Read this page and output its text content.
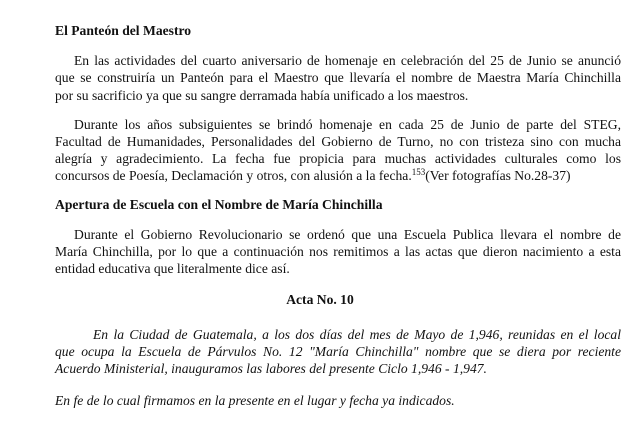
El Panteón del Maestro
En las actividades del cuarto aniversario de homenaje en celebración del 25 de Junio se anunció
que se construiría un Panteón para el Maestro que llevaría el nombre de Maestra María Chinchilla
por su sacrificio ya que su sangre derramada había unificado a los maestros.
Durante los años subsiguientes se brindó homenaje en cada 25 de Junio de parte del STEG,
Facultad de Humanidades, Personalidades del Gobierno de Turno, no con tristeza sino con mucha
alegría y agradecimiento. La fecha fue propicia para muchas actividades culturales como los
concursos de Poesía, Declamación y otros, con alusión a la fecha.$^{153}$(Ver fotografías No.28-37)
Apertura de Escuela con el Nombre de María Chinchilla
Durante el Gobierno Revolucionario se ordenó que una Escuela Publica llevara el nombre de
María Chinchilla, por lo que a continuación nos remitimos a las actas que dieron nacimiento a esta
entidad educativa que literalmente dice así.
Acta No. 10
En la Ciudad de Guatemala, a los dos días del mes de Mayo de 1,946, reunidas en el local
que ocupa la Escuela de Párvulos No. 12 "María Chinchilla" nombre que se diera por reciente
Acuerdo Ministerial, inauguramos las labores del presente Ciclo 1,946 - 1,947.
En fe de lo cual firmamos en la presente en el lugar y fecha ya indicados.
